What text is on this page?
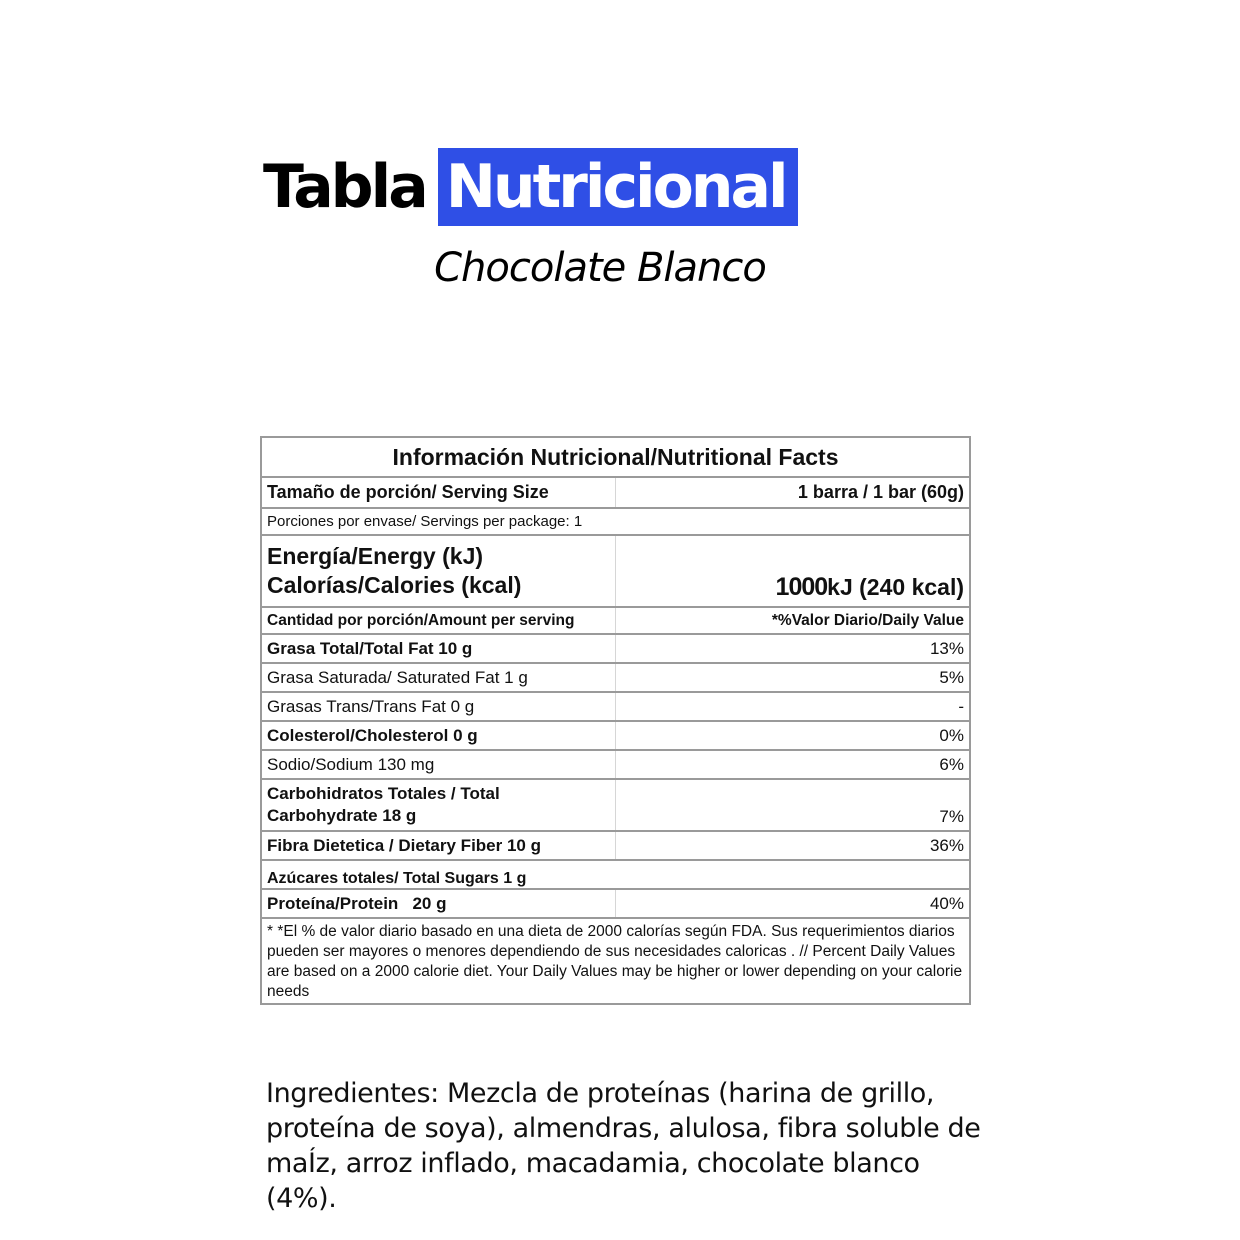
Tabla Nutricional
Chocolate Blanco
Información Nutricional/Nutritional Facts	
Tamaño de porción/ Serving Size	1 barra / 1 bar (60g)
Porciones por envase/ Servings per package: 1	

Energía/Energy (kJ)
Calorías/Calories (kcal)	1000kJ (240 kcal)
Cantidad por porción/Amount per serving	*%Valor Diario/Daily Value
Grasa Total/Total Fat 10 g	13%
Grasa Saturada/ Saturated Fat 1 g	5%
Grasas Trans/Trans Fat 0 g	-
Colesterol/Cholesterol 0 g	0%
Sodio/Sodium 130 mg	6%

Carbohidratos Totales / Total
Carbohydrate 18 g	7%
Fibra Dietetica / Dietary Fiber 10 g	36%
Azúcares totales/ Total Sugars 1 g	
Proteína/Protein   20 g	40%
* *El % de valor diario basado en una dieta de 2000 calorías según FDA. Sus requerimientos diarios pueden ser mayores o menores dependiendo de sus necesidades caloricas . // Percent Daily Values are based on a 2000 calorie diet. Your Daily Values may be higher or lower depending on your calorie needs	
Ingredientes: Mezcla de proteínas (harina de grillo, proteína de soya), almendras, alulosa, fibra soluble de maÍz, arroz inflado, macadamia, chocolate blanco (4%).
